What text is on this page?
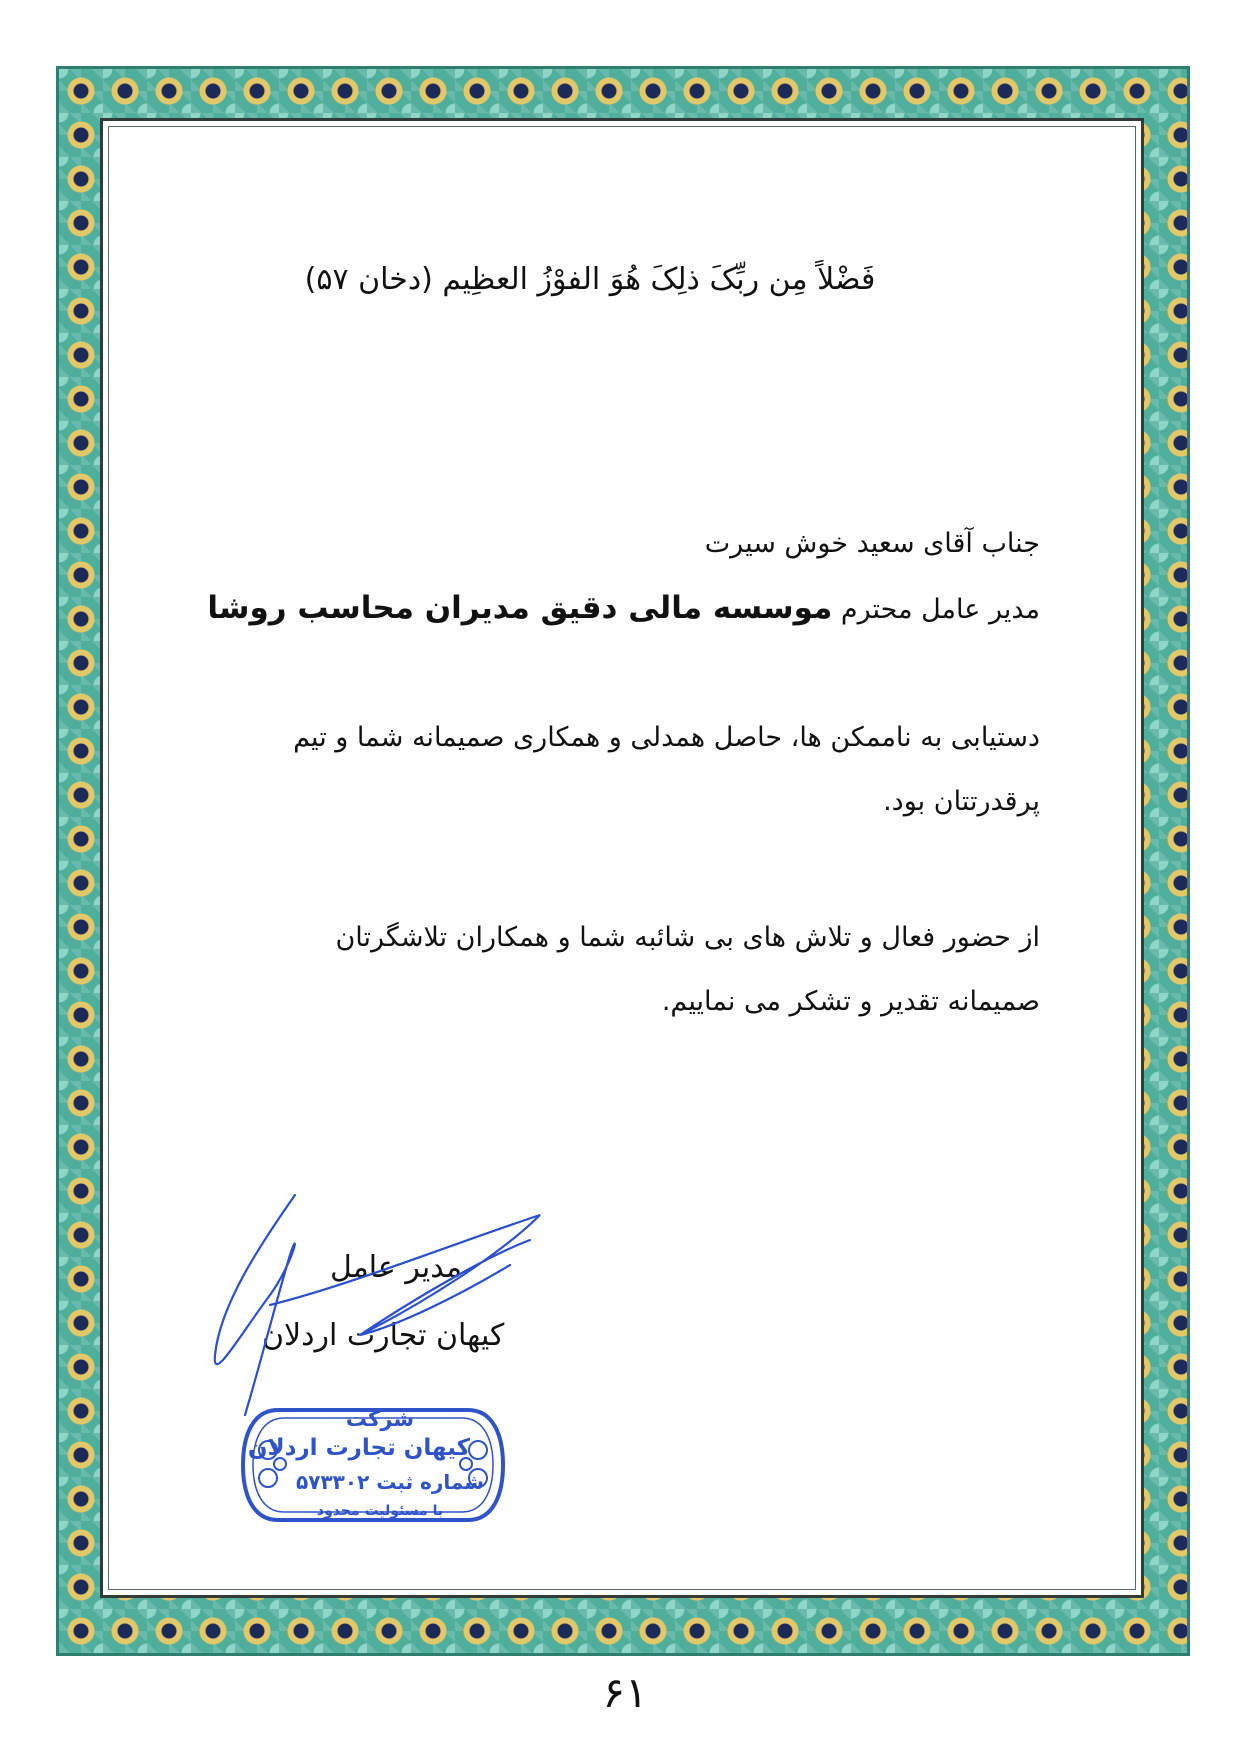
فَضْلاً مِن ربِّکَ ذلِکَ هُوَ الفوْزُ العظِیم (دخان ۵۷)
جناب آقای سعید خوش سیرت
مدیر عامل محترم موسسه مالی دقیق مدیران محاسب روشا
دستیابی به ناممکن ها، حاصل همدلی و همکاری صمیمانه شما و تیم
پرقدرتتان بود.
از حضور فعال و تلاش های بی شائبه شما و همکاران تلاشگرتان
صمیمانه تقدیر و تشکر می نماییم.
مدیر عامل
کیهان تجارت اردلان
شرکت
کیهان تجارت اردلان
شماره ثبت ۵۷۳۳۰۲
با مسئولیت محدود
۶۱
